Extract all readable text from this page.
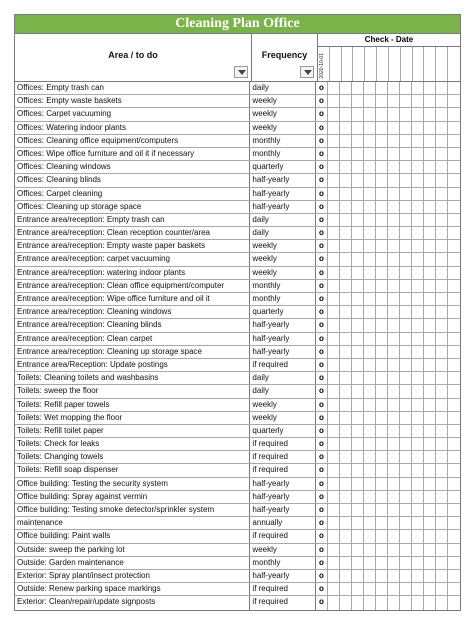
Cleaning Plan Office
Area / to do	Frequency
Check - Date
2020-10-01
Offices: Empty trash can	daily	o
Offices: Empty waste baskets	weekly	o
Offices: Carpet vacuuming	weekly	o
Offices: Watering indoor plants	weekly	o
Offices: Cleaning office equipment/computers	monthly	o
Offices: Wipe office furniture and oil it if necessary	monthly	o
Offices: Cleaning windows	quarterly	o
Offices: Cleaning blinds	half-yearly	o
Offices: Carpet cleaning	half-yearly	o
Offices: Cleaning up storage space	half-yearly	o
Entrance area/reception: Empty trash can	daily	o
Entrance area/reception: Clean reception counter/area	daily	o
Entrance area/reception: Empty waste paper baskets	weekly	o
Entrance area/reception: carpet vacuuming	weekly	o
Entrance area/reception: watering indoor plants	weekly	o
Entrance area/reception: Clean office equipment/computer	monthly	o
Entrance area/reception: Wipe office furniture and oil it	monthly	o
Entrance area/reception: Cleaning windows	quarterly	o
Entrance area/reception: Cleaning blinds	half-yearly	o
Entrance area/reception: Clean carpet	half-yearly	o
Entrance area/reception: Cleaning up storage space	half-yearly	o
Entrance area/Reception: Update postings	if required	o
Toilets: Cleaning toilets and washbasins	daily	o
Toilets: sweep the floor	daily	o
Toilets: Refill paper towels	weekly	o
Toilets: Wet mopping the floor	weekly	o
Toilets: Refill toilet paper	quarterly	o
Toilets: Check for leaks	if required	o
Toilets: Changing towels	if required	o
Toilets: Refill soap dispenser	if required	o
Office building: Testing the security system	half-yearly	o
Office building: Spray against vermin	half-yearly	o
Office building: Testing smoke detector/sprinkler system	half-yearly	o
maintenance	annually	o
Office building: Paint walls	if required	o
Outside: sweep the parking lot	weekly	o
Outside: Garden maintenance	monthly	o
Exterior: Spray plant/insect protection	half-yearly	o
Outside: Renew parking space markings	if required	o
Exterior: Clean/repair/update signposts	if required	o
